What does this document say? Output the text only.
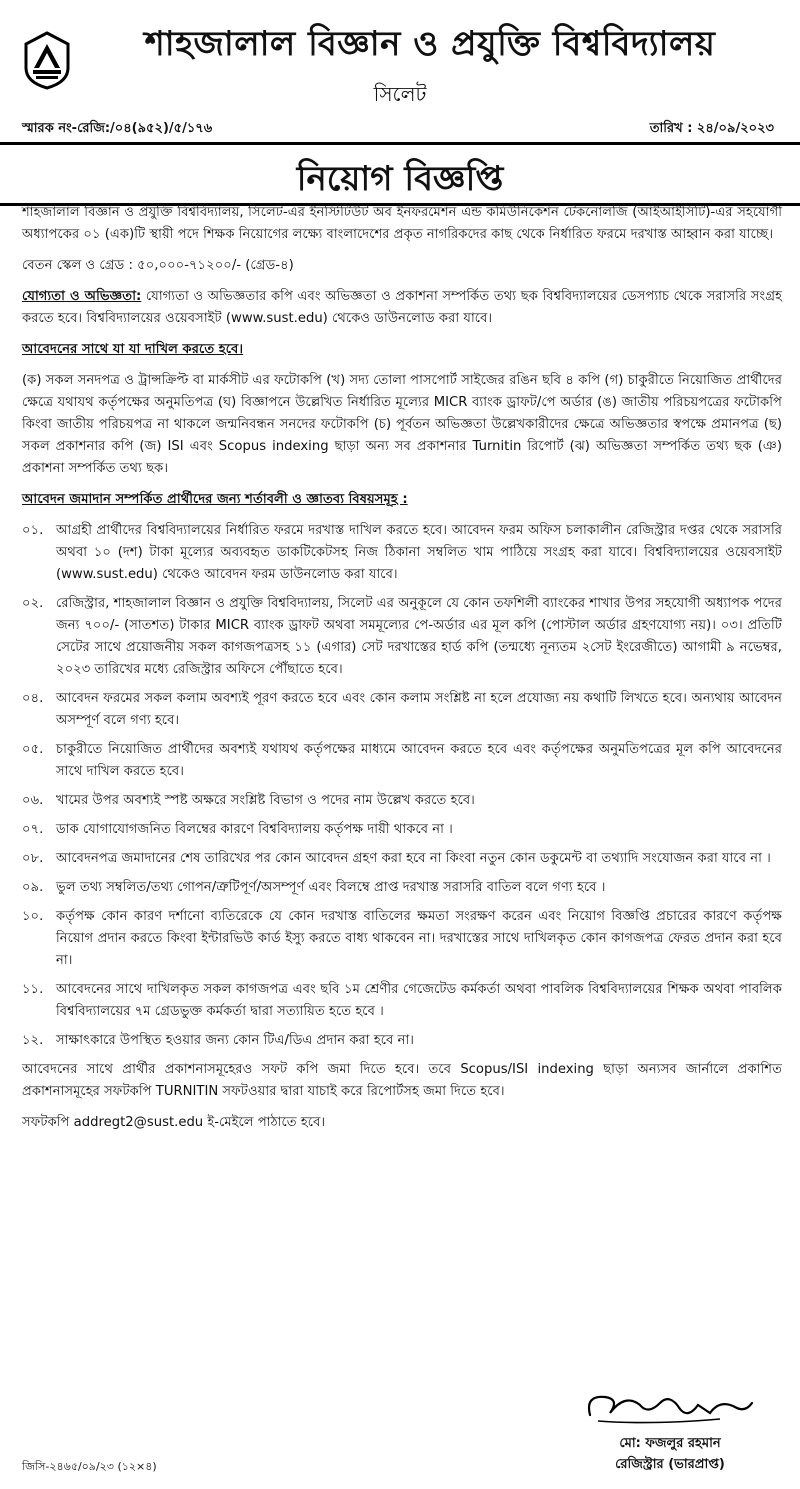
শাহজালাল বিজ্ঞান ও প্রযুক্তি বিশ্ববিদ্যালয়
সিলেট
স্মারক নং-রেজি:/০৪(৯৫২)/৫/১৭৬	তারিখ : ২৪/০৯/২০২৩
নিয়োগ বিজ্ঞপ্তি

শাহজালাল বিজ্ঞান ও প্রযুক্তি বিশ্ববিদ্যালয়, সিলেট-এর ইনস্টিটিউট অব ইনফরমেশন এন্ড কমিউনিকেশন টেকনোলজি (আইআইসিটি)-এর সহযোগী অধ্যাপকের ০১ (এক)টি স্থায়ী পদে শিক্ষক নিয়োগের লক্ষ্যে বাংলাদেশের প্রকৃত নাগরিকদের কাছ থেকে নির্ধারিত ফরমে দরখাস্ত আহ্বান করা যাচ্ছে।

বেতন স্কেল ও গ্রেড : ৫০,০০০-৭১২০০/- (গ্রেড-৪)

যোগ্যতা ও অভিজ্ঞতা: যোগ্যতা ও অভিজ্ঞতার কপি এবং অভিজ্ঞতা ও প্রকাশনা সম্পর্কিত তথ্য ছক বিশ্ববিদ্যালয়ের ডেসপ্যাচ থেকে সরাসরি সংগ্রহ করতে হবে। বিশ্ববিদ্যালয়ের ওয়েবসাইট (www.sust.edu) থেকেও ডাউনলোড করা যাবে।

আবেদনের সাথে যা যা দাখিল করতে হবে।

(ক) সকল সনদপত্র ও ট্রান্সক্রিপ্ট বা মার্কসীট এর ফটোকপি (খ) সদ্য তোলা পাসপোর্ট সাইজের রঙিন ছবি ৪ কপি (গ) চাকুরীতে নিয়োজিত প্রার্থীদের ক্ষেত্রে যথাযথ কর্তৃপক্ষের অনুমতিপত্র (ঘ) বিজ্ঞাপনে উল্লেখিত নির্ধারিত মূল্যের MICR ব্যাংক ড্রাফট/পে অর্ডার (ঙ) জাতীয় পরিচয়পত্রের ফটোকপি কিংবা জাতীয় পরিচয়পত্র না থাকলে জন্মনিবন্ধন সনদের ফটোকপি (চ) পূর্বতন অভিজ্ঞতা উল্লেখকারীদের ক্ষেত্রে অভিজ্ঞতার স্বপক্ষে প্রমানপত্র (ছ) সকল প্রকাশনার কপি (জ) ISI এবং Scopus indexing ছাড়া অন্য সব প্রকাশনার Turnitin রিপোর্ট (ঝ) অভিজ্ঞতা সম্পর্কিত তথ্য ছক (ঞ) প্রকাশনা সম্পর্কিত তথ্য ছক।

আবেদন জমাদান সম্পর্কিত প্রার্থীদের জন্য শর্তাবলী ও জ্ঞাতব্য বিষয়সমূহ :

০১. আগ্রহী প্রার্থীদের বিশ্ববিদ্যালয়ের নির্ধারিত ফরমে দরখাস্ত দাখিল করতে হবে। আবেদন ফরম অফিস চলাকালীন রেজিস্ট্রার দপ্তর থেকে সরাসরি অথবা ১০ (দশ) টাকা মূল্যের অব্যবহৃত ডাকটিকেটসহ নিজ ঠিকানা সম্বলিত খাম পাঠিয়ে সংগ্রহ করা যাবে। বিশ্ববিদ্যালয়ের ওয়েবসাইট (www.sust.edu) থেকেও আবেদন ফরম ডাউনলোড করা যাবে।
০২. রেজিস্ট্রার, শাহজালাল বিজ্ঞান ও প্রযুক্তি বিশ্ববিদ্যালয়, সিলেট এর অনুকূলে যে কোন তফশিলী ব্যাংকের শাখার উপর সহযোগী অধ্যাপক পদের জন্য ৭০০/- (সাতশত) টাকার MICR ব্যাংক ড্রাফট অথবা সমমূল্যের পে-অর্ডার এর মূল কপি (পোস্টাল অর্ডার গ্রহণযোগ্য নয়)। ০৩। প্রতিটি সেটের সাথে প্রয়োজনীয় সকল কাগজপত্রসহ ১১ (এগার) সেট দরখাস্তের হার্ড কপি (তন্মধ্যে নূন্যতম ২সেট ইংরেজীতে) আগামী ৯ নভেম্বর, ২০২৩ তারিখের মধ্যে রেজিস্ট্রার অফিসে পৌঁছাতে হবে।
০৪. আবেদন ফরমের সকল কলাম অবশ্যই পূরণ করতে হবে এবং কোন কলাম সংশ্লিষ্ট না হলে প্রযোজ্য নয় কথাটি লিখতে হবে। অন্যথায় আবেদন অসম্পূর্ণ বলে গণ্য হবে।
০৫. চাকুরীতে নিয়োজিত প্রার্থীদের অবশ্যই যথাযথ কর্তৃপক্ষের মাধ্যমে আবেদন করতে হবে এবং কর্তৃপক্ষের অনুমতিপত্রের মূল কপি আবেদনের সাথে দাখিল করতে হবে।
০৬. খামের উপর অবশ্যই স্পষ্ট অক্ষরে সংশ্লিষ্ট বিভাগ ও পদের নাম উল্লেখ করতে হবে।
০৭. ডাক যোগাযোগজনিত বিলম্বের কারণে বিশ্ববিদ্যালয় কর্তৃপক্ষ দায়ী থাকবে না ।
০৮. আবেদনপত্র জমাদানের শেষ তারিখের পর কোন আবেদন গ্রহণ করা হবে না কিংবা নতুন কোন ডকুমেন্ট বা তথ্যাদি সংযোজন করা যাবে না ।
০৯. ভুল তথ্য সম্বলিত/তথ্য গোপন/ত্রুটিপূর্ণ/অসম্পূর্ণ এবং বিলম্বে প্রাপ্ত দরখাস্ত সরাসরি বাতিল বলে গণ্য হবে ।
১০. কর্তৃপক্ষ কোন কারণ দর্শানো ব্যতিরেকে যে কোন দরখাস্ত বাতিলের ক্ষমতা সংরক্ষণ করেন এবং নিয়োগ বিজ্ঞপ্তি প্রচারের কারণে কর্তৃপক্ষ নিয়োগ প্রদান করতে কিংবা ইন্টারভিউ কার্ড ইস্যু করতে বাধ্য থাকবেন না। দরখাস্তের সাথে দাখিলকৃত কোন কাগজপত্র ফেরত প্রদান করা হবে না।
১১. আবেদনের সাথে দাখিলকৃত সকল কাগজপত্র এবং ছবি ১ম শ্রেণীর গেজেটেড কর্মকর্তা অথবা পাবলিক বিশ্ববিদ্যালয়ের শিক্ষক অথবা পাবলিক বিশ্ববিদ্যালয়ের ৭ম গ্রেডভুক্ত কর্মকর্তা দ্বারা সত্যায়িত হতে হবে ।
১২. সাক্ষাৎকারে উপস্থিত হওয়ার জন্য কোন টিএ/ডিএ প্রদান করা হবে না।

আবেদনের সাথে প্রার্থীর প্রকাশনাসমূহেরও সফট কপি জমা দিতে হবে। তবে Scopus/ISI indexing ছাড়া অন্যসব জার্নালে প্রকাশিত প্রকাশনাসমূহের সফটকপি TURNITIN সফটওয়ার দ্বারা যাচাই করে রিপোর্টসহ জমা দিতে হবে।

সফটকপি addregt2@sust.edu ই-মেইলে পাঠাতে হবে।

মো: ফজলুর রহমান
রেজিস্ট্রার (ভারপ্রাপ্ত)
জিসি-২৪৬৫/০৯/২৩ (১২×৪)
